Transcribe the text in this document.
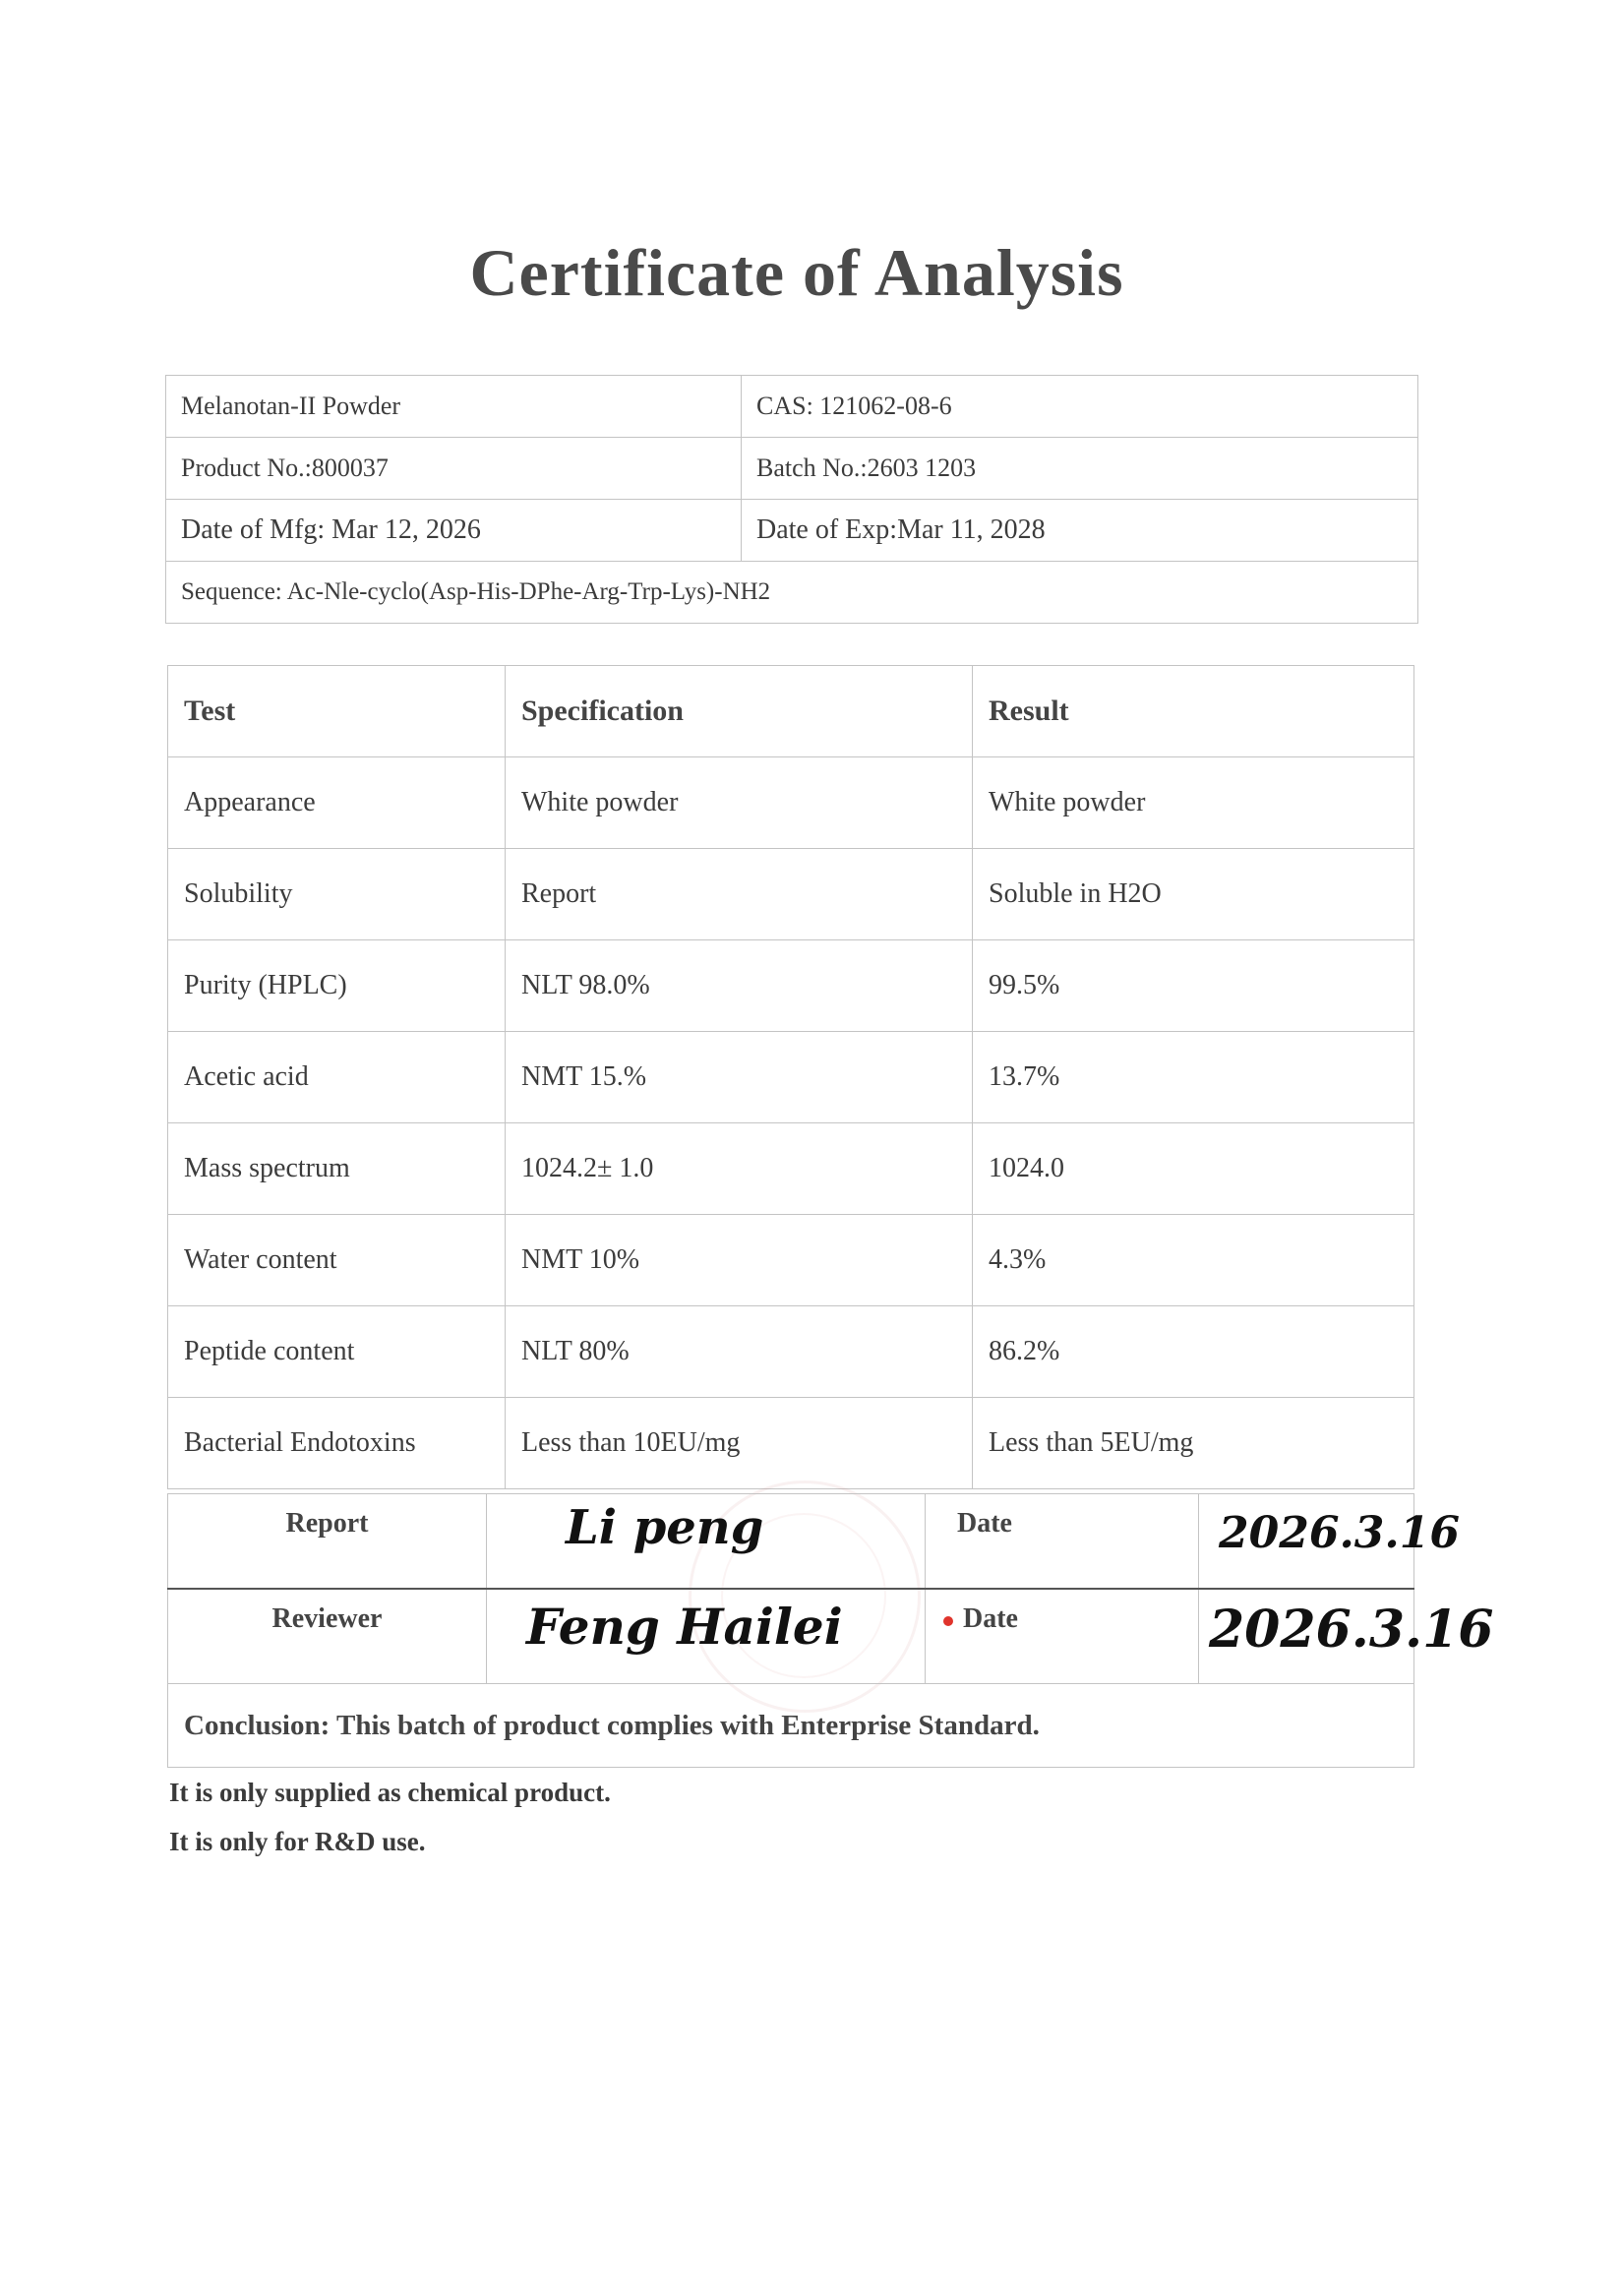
Certificate of Analysis
Melanotan-II Powder	CAS: 121062-08-6
Product No.:800037	Batch No.:2603 1203
Date of Mfg: Mar 12, 2026	Date of Exp:Mar 11, 2028
Sequence: Ac-Nle-cyclo(Asp-His-DPhe-Arg-Trp-Lys)-NH2	
Test	Specification	Result
Appearance	White powder	White powder
Solubility	Report	Soluble in H2O
Purity (HPLC)	NLT 98.0%	99.5%
Acetic acid	NMT 15.%	13.7%
Mass spectrum	1024.2± 1.0	1024.0
Water content	NMT 10%	4.3%
Peptide content	NLT 80%	86.2%
Bacterial Endotoxins	Less than 10EU/mg	Less than 5EU/mg
Report	Li peng	Date	2026.3.16

Reviewer	Feng Hailei	Date	2026.3.16

Conclusion: This batch of product complies with Enterprise Standard.			
It is only supplied as chemical product.
It is only for R&D use.
